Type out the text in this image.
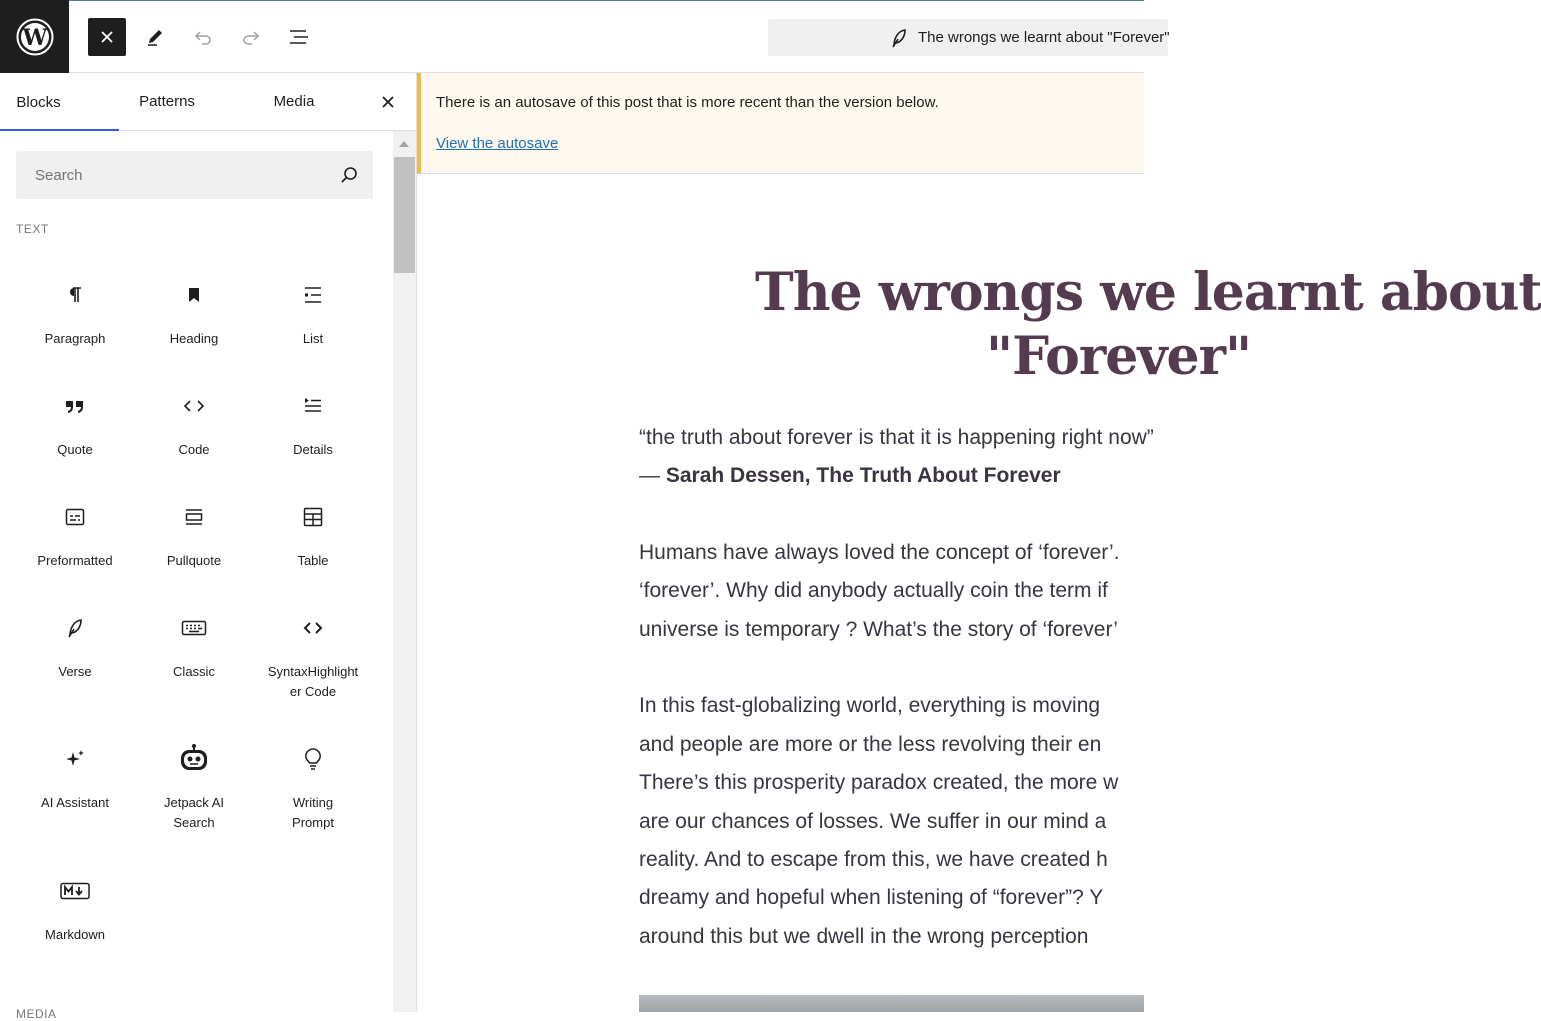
W	The wrongs we learnt about "Forever"
Blocks	Patterns	Media
Search
TEXT
Paragraph	Heading	List
Quote	Code	Details
Preformatted	Pullquote	Table
Verse	Classic	SyntaxHighlighter Code
AI Assistant	Jetpack AI Search
Writing Prompt
Markdown
MEDIA
There is an autosave of this post that is more recent than the version below.
View the autosave
The wrongs we learnt about
"Forever"
“the truth about forever is that it is happening right now”
— Sarah Dessen, The Truth About Forever
Humans have always loved the concept of ‘forever’.
‘forever’. Why did anybody actually coin the term if
universe is temporary ? What’s the story of ‘forever’
In this fast-globalizing world, everything is moving
and people are more or the less revolving their en
There’s this prosperity paradox created, the more w
are our chances of losses. We suffer in our mind a
reality. And to escape from this, we have created h
dreamy and hopeful when listening of “forever”? Y
around this but we dwell in the wrong perception
